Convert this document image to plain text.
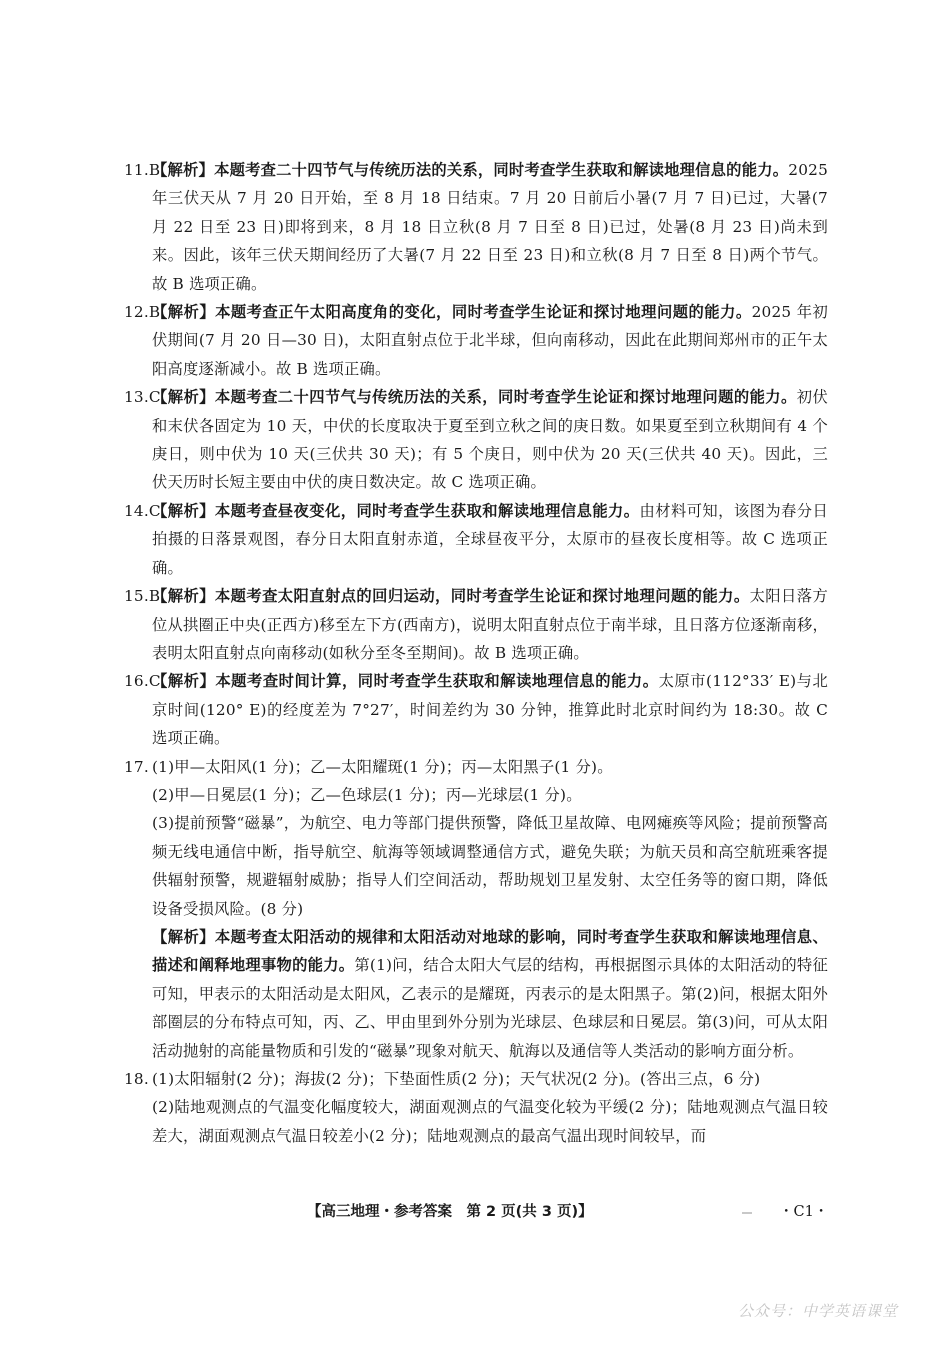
11.B
【解析】本题考查二十四节气与传统历法的关系，同时考查学生获取和解读地理信息的能力。2025 年三伏天从 7 月 20 日开始，至 8 月 18 日结束。7 月 20 日前后小暑(7 月 7 日)已过，大暑(7 月 22 日至 23 日)即将到来，8 月 18 日立秋(8 月 7 日至 8 日)已过，处暑(8 月 23 日)尚未到来。因此，该年三伏天期间经历了大暑(7 月 22 日至 23 日)和立秋(8 月 7 日至 8 日)两个节气。故 B 选项正确。
12.B
【解析】本题考查正午太阳高度角的变化，同时考查学生论证和探讨地理问题的能力。2025 年初伏期间(7 月 20 日—30 日)，太阳直射点位于北半球，但向南移动，因此在此期间郑州市的正午太阳高度逐渐减小。故 B 选项正确。
13.C
【解析】本题考查二十四节气与传统历法的关系，同时考查学生论证和探讨地理问题的能力。初伏和末伏各固定为 10 天，中伏的长度取决于夏至到立秋之间的庚日数。如果夏至到立秋期间有 4 个庚日，则中伏为 10 天(三伏共 30 天)；有 5 个庚日，则中伏为 20 天(三伏共 40 天)。因此，三伏天历时长短主要由中伏的庚日数决定。故 C 选项正确。
14.C
【解析】本题考查昼夜变化，同时考查学生获取和解读地理信息能力。由材料可知，该图为春分日拍摄的日落景观图，春分日太阳直射赤道，全球昼夜平分，太原市的昼夜长度相等。故 C 选项正确。
15.B
【解析】本题考查太阳直射点的回归运动，同时考查学生论证和探讨地理问题的能力。太阳日落方位从拱圈正中央(正西方)移至左下方(西南方)，说明太阳直射点位于南半球，且日落方位逐渐南移，表明太阳直射点向南移动(如秋分至冬至期间)。故 B 选项正确。
16.C
【解析】本题考查时间计算，同时考查学生获取和解读地理信息的能力。太原市(112°33′ E)与北京时间(120° E)的经度差为 7°27′，时间差约为 30 分钟，推算此时北京时间约为 18:30。故 C 选项正确。
17. (1)甲—太阳风(1 分)；乙—太阳耀斑(1 分)；丙—太阳黑子(1 分)。
(2)甲—日冕层(1 分)；乙—色球层(1 分)；丙—光球层(1 分)。
(3)提前预警“磁暴”，为航空、电力等部门提供预警，降低卫星故障、电网瘫痪等风险；提前预警高频无线电通信中断，指导航空、航海等领域调整通信方式，避免失联；为航天员和高空航班乘客提供辐射预警，规避辐射威胁；指导人们空间活动，帮助规划卫星发射、太空任务等的窗口期，降低设备受损风险。(8 分)
【解析】本题考查太阳活动的规律和太阳活动对地球的影响，同时考查学生获取和解读地理信息、描述和阐释地理事物的能力。第(1)问，结合太阳大气层的结构，再根据图示具体的太阳活动的特征可知，甲表示的太阳活动是太阳风，乙表示的是耀斑，丙表示的是太阳黑子。第(2)问，根据太阳外部圈层的分布特点可知，丙、乙、甲由里到外分别为光球层、色球层和日冕层。第(3)问，可从太阳活动抛射的高能量物质和引发的“磁暴”现象对航天、航海以及通信等人类活动的影响方面分析。
18. (1)太阳辐射(2 分)；海拔(2 分)；下垫面性质(2 分)；天气状况(2 分)。(答出三点，6 分)
(2)陆地观测点的气温变化幅度较大，湖面观测点的气温变化较为平缓(2 分)；陆地观测点气温日较差大，湖面观测点气温日较差小(2 分)；陆地观测点的最高气温出现时间较早，而
【高三地理・参考答案　第 2 页(共 3 页)】	・C1・
公众号：中学英语课堂
